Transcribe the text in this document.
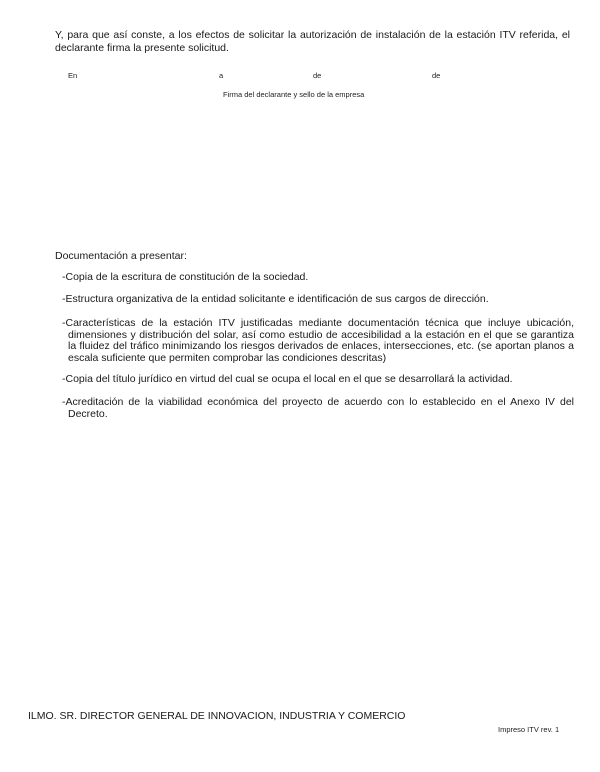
Y, para que así conste, a los efectos de solicitar la autorización de instalación de la estación ITV referida, el
declarante firma la presente solicitud.
En	a	de	de
Firma del declarante y sello de la empresa
Documentación a presentar:
-Copia de la escritura de constitución de la sociedad.
-Estructura organizativa de la entidad solicitante e identificación de sus cargos de dirección.
-Características de la estación ITV justificadas mediante documentación técnica que incluye ubicación,
dimensiones y distribución del solar, así como estudio de accesibilidad a la estación en el que se garantiza la fluidez del tráfico minimizando los riesgos derivados de enlaces, intersecciones, etc. (se aportan planos a escala suficiente que permiten comprobar las condiciones descritas)
-Copia del título jurídico en virtud del cual se ocupa el local en el que se desarrollará la actividad.
-Acreditación de la viabilidad económica del proyecto de acuerdo con lo establecido en el Anexo IV del
Decreto.
ILMO. SR. DIRECTOR GENERAL DE INNOVACION, INDUSTRIA Y COMERCIO
Impreso ITV rev. 1
